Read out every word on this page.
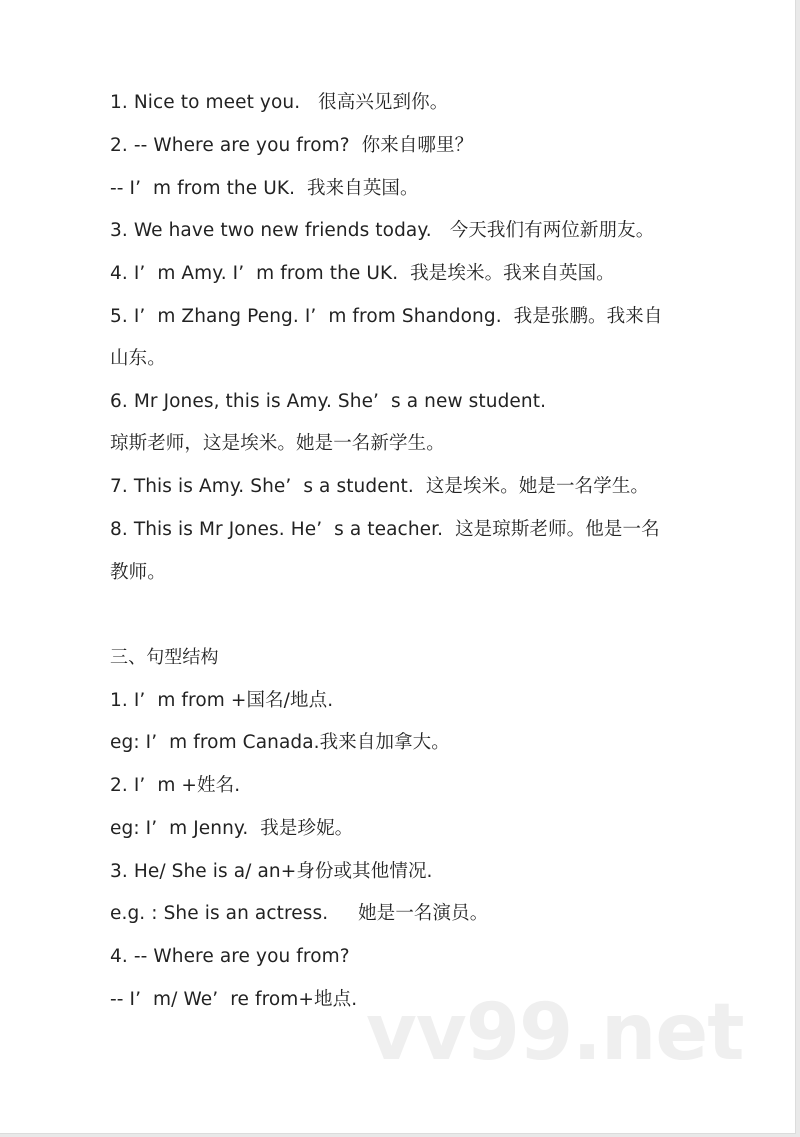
vv99.net
1. Nice to meet you.   很高兴见到你。
2. -- Where are you from?  你来自哪里？
-- I’  m from the UK.  我来自英国。
3. We have two new friends today.   今天我们有两位新朋友。
4. I’  m Amy. I’  m from the UK.  我是埃米。我来自英国。
5. I’  m Zhang Peng. I’  m from Shandong.  我是张鹏。我来自
山东。
6. Mr Jones, this is Amy. She’  s a new student.
琼斯老师，这是埃米。她是一名新学生。
7. This is Amy. She’  s a student.  这是埃米。她是一名学生。
8. This is Mr Jones. He’  s a teacher.  这是琼斯老师。他是一名
教师。
三、句型结构
1. I’  m from +国名/地点.
eg: I’  m from Canada.我来自加拿大。
2. I’  m +姓名.
eg: I’  m Jenny.  我是珍妮。
3. He/ She is a/ an+身份或其他情况.
e.g. : She is an actress.     她是一名演员。
4. -- Where are you from?
-- I’  m/ We’  re from+地点.
